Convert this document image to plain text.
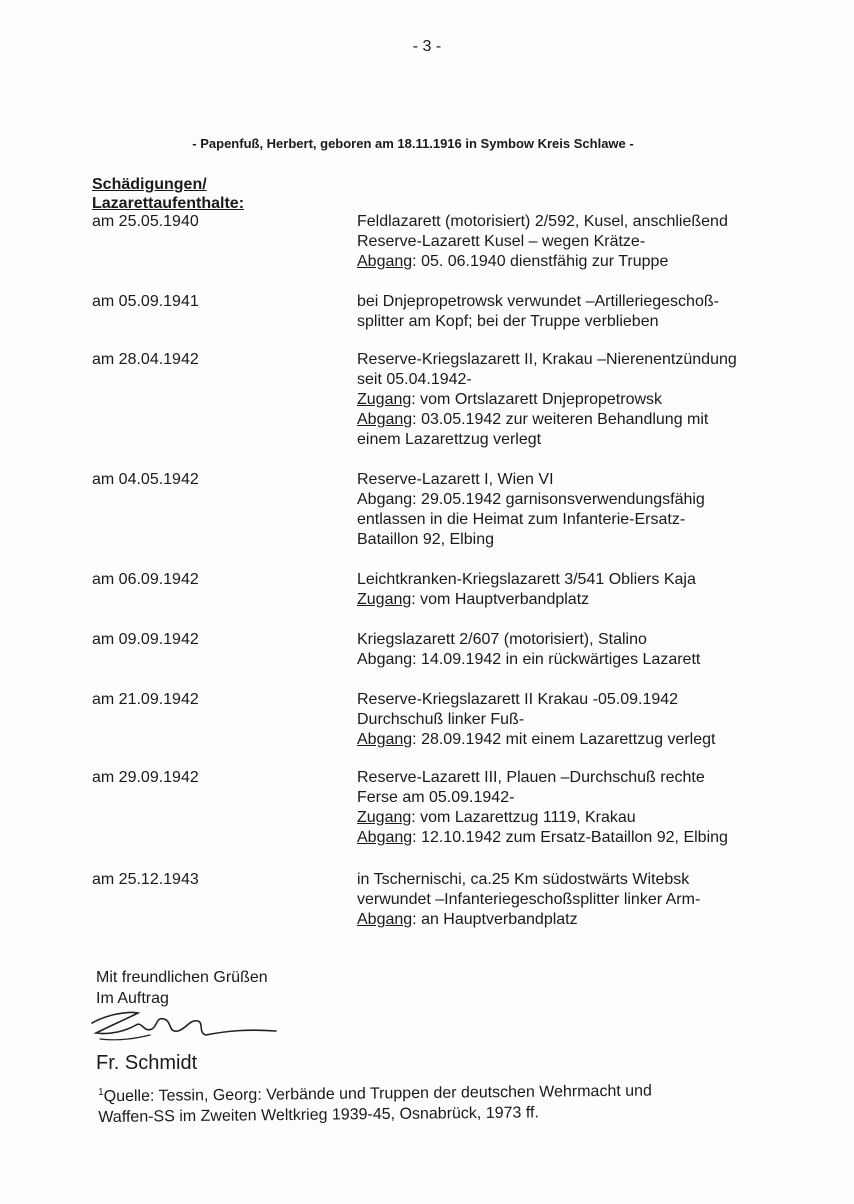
- 3 -
- Papenfuß, Herbert, geboren am 18.11.1916 in Symbow Kreis Schlawe -
Schädigungen/
Lazarettaufenthalte:
am 25.05.1940	Feldlazarett (motorisiert) 2/592, Kusel, anschließend
Reserve-Lazarett Kusel – wegen Krätze-
Abgang: 05. 06.1940 dienstfähig zur Truppe
am 05.09.1941	bei Dnjepropetrowsk verwundet –Artilleriegeschoß-
splitter am Kopf; bei der Truppe verblieben
am 28.04.1942	Reserve-Kriegslazarett II, Krakau –Nierenentzündung
seit 05.04.1942-
Zugang: vom Ortslazarett Dnjepropetrowsk
Abgang: 03.05.1942 zur weiteren Behandlung mit
einem Lazarettzug verlegt
am 04.05.1942	Reserve-Lazarett I, Wien VI
Abgang: 29.05.1942 garnisonsverwendungsfähig
entlassen in die Heimat zum Infanterie-Ersatz-
Bataillon 92, Elbing
am 06.09.1942	Leichtkranken-Kriegslazarett 3/541 Obliers Kaja
Zugang: vom Hauptverbandplatz
am 09.09.1942	Kriegslazarett 2/607 (motorisiert), Stalino
Abgang: 14.09.1942 in ein rückwärtiges Lazarett
am 21.09.1942	Reserve-Kriegslazarett II Krakau -05.09.1942
Durchschuß linker Fuß-
Abgang: 28.09.1942 mit einem Lazarettzug verlegt
am 29.09.1942	Reserve-Lazarett III, Plauen –Durchschuß rechte
Ferse am 05.09.1942-
Zugang: vom Lazarettzug 1119, Krakau
Abgang: 12.10.1942 zum Ersatz-Bataillon 92, Elbing
am 25.12.1943	in Tschernischi, ca.25 Km südostwärts Witebsk
verwundet –Infanteriegeschoßsplitter linker Arm-
Abgang: an Hauptverbandplatz
Mit freundlichen Grüßen
Im Auftrag
Fr. Schmidt
$^1$Quelle: Tessin, Georg: Verbände und Truppen der deutschen Wehrmacht und
Waffen-SS im Zweiten Weltkrieg 1939-45, Osnabrück, 1973 ff.
